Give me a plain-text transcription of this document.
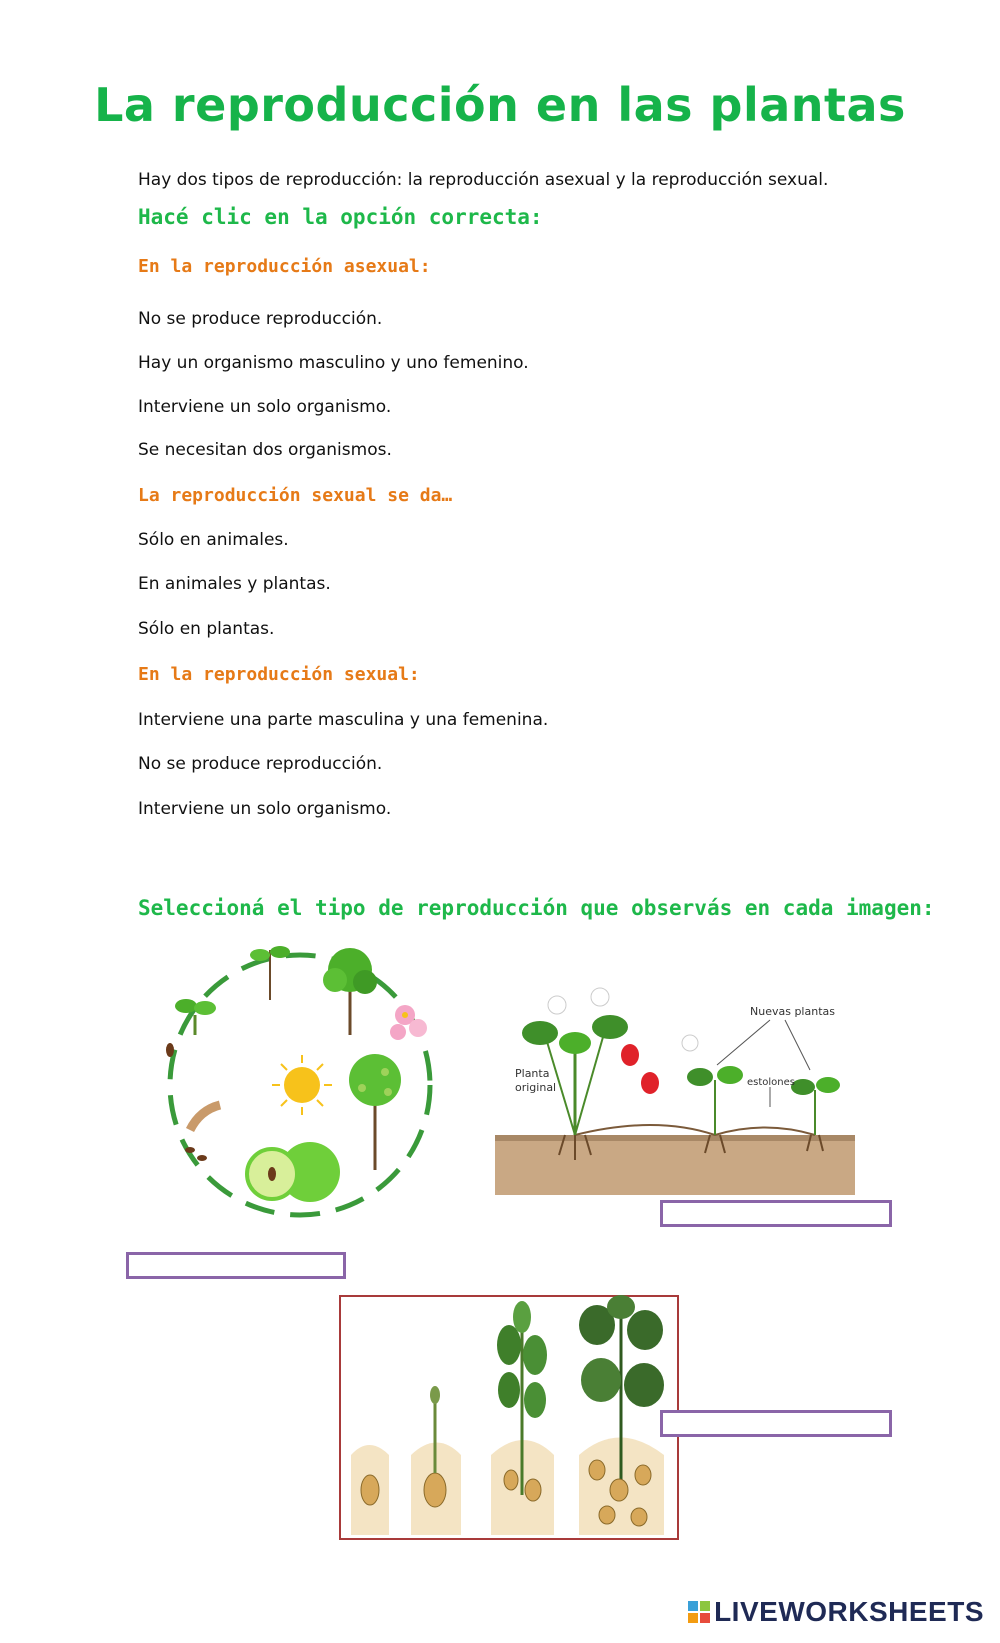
La reproducción en las plantas
Hay dos tipos de reproducción: la reproducción asexual y la reproducción sexual.
Hacé clic en la opción correcta:
En la reproducción asexual:
No se produce reproducción.
Hay un organismo masculino y uno femenino.
Interviene un solo organismo.
Se necesitan dos organismos.
La reproducción sexual se da…
Sólo en animales.
En animales y plantas.
Sólo en plantas.
En la reproducción sexual:
Interviene una parte masculina y una femenina.
No se produce reproducción.
Interviene un solo organismo.
Seleccioná el tipo de reproducción que observás en cada imagen:
Nuevas plantas
Planta
original	estolones
LIVEWORKSHEETS
